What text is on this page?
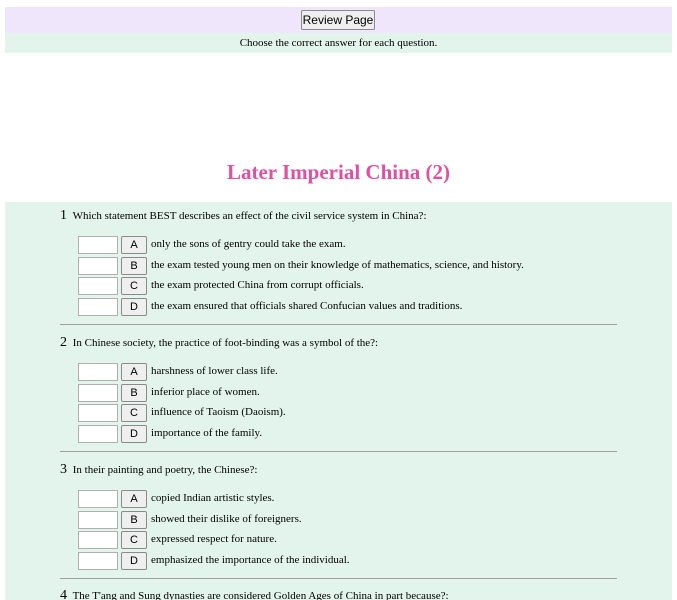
Review Page
Choose the correct answer for each question.
Later Imperial China (2)
1 Which statement BEST describes an effect of the civil service system in China?:
A	only the sons of gentry could take the exam.
B	the exam tested young men on their knowledge of mathematics, science, and history.
C	the exam protected China from corrupt officials.
D	the exam ensured that officials shared Confucian values and traditions.
2 In Chinese society, the practice of foot-binding was a symbol of the?:
A	harshness of lower class life.
B	inferior place of women.
C	influence of Taoism (Daoism).
D	importance of the family.
3 In their painting and poetry, the Chinese?:
A	copied Indian artistic styles.
B	showed their dislike of foreigners.
C	expressed respect for nature.
D	emphasized the importance of the individual.
4 The T'ang and Sung dynasties are considered Golden Ages of China in part because?:
